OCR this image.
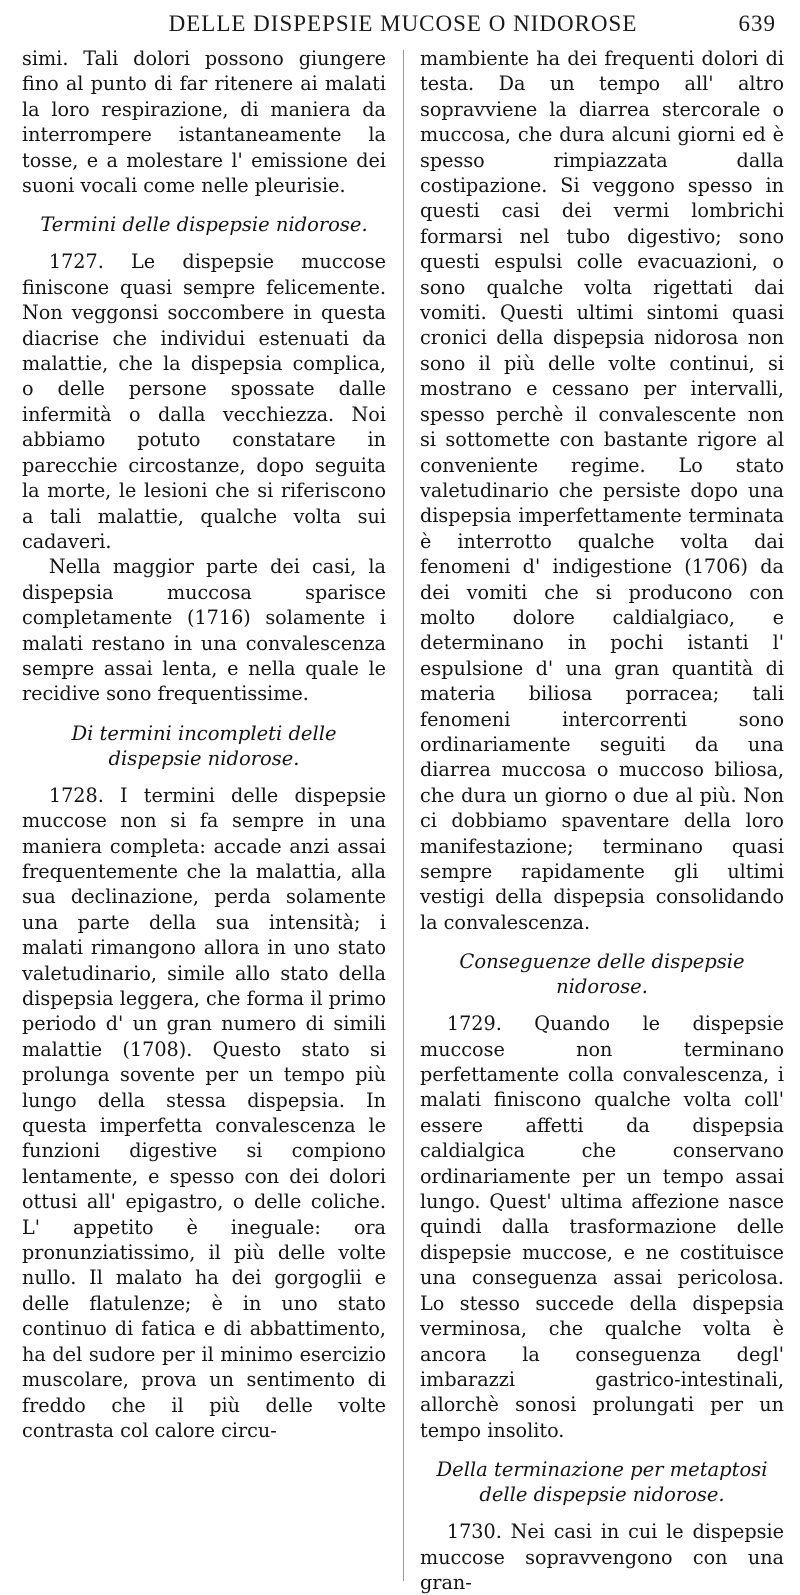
DELLE DISPEPSIE MUCOSE O NIDOROSE	639

simi. Tali dolori possono giungere fino al punto di far ritenere ai malati la loro respirazione, di maniera da interrompere istantaneamente la tosse, e a molestare l' emissione dei suoni vocali come nelle pleurisie.

Termini delle dispepsie nidorose.

1727. Le dispepsie muccose finiscone quasi sempre felicemente. Non veggonsi soccombere in questa diacrise che individui estenuati da malattie, che la dispepsia complica, o delle persone spossate dalle infermità o dalla vecchiezza. Noi abbiamo potuto constatare in parecchie circostanze, dopo seguita la morte, le lesioni che si riferiscono a tali malattie, qualche volta sui cadaveri.

Nella maggior parte dei casi, la dispepsia muccosa sparisce completamente (1716) solamente i malati restano in una convalescenza sempre assai lenta, e nella quale le recidive sono frequentissime.

Di termini incompleti delle dispepsie nidorose.

1728. I termini delle dispepsie muccose non si fa sempre in una maniera completa: accade anzi assai frequentemente che la malattia, alla sua declinazione, perda solamente una parte della sua intensità; i malati rimangono allora in uno stato valetudinario, simile allo stato della dispepsia leggera, che forma il primo periodo d' un gran numero di simili malattie (1708). Questo stato si prolunga sovente per un tempo più lungo della stessa dispepsia. In questa imperfetta convalescenza le funzioni digestive si compiono lentamente, e spesso con dei dolori ottusi all' epigastro, o delle coliche. L' appetito è ineguale: ora pronunziatissimo, il più delle volte nullo. Il malato ha dei gorgoglii e delle flatulenze; è in uno stato continuo di fatica e di abbattimento, ha del sudore per il minimo esercizio muscolare, prova un sentimento di freddo che il più delle volte contrasta col calore circu-

mambiente ha dei frequenti dolori di testa. Da un tempo all' altro sopravviene la diarrea stercorale o muccosa, che dura alcuni giorni ed è spesso rimpiazzata dalla costipazione. Si veggono spesso in questi casi dei vermi lombrichi formarsi nel tubo digestivo; sono questi espulsi colle evacuazioni, o sono qualche volta rigettati dai vomiti. Questi ultimi sintomi quasi cronici della dispepsia nidorosa non sono il più delle volte continui, si mostrano e cessano per intervalli, spesso perchè il convalescente non si sottomette con bastante rigore al conveniente regime. Lo stato valetudinario che persiste dopo una dispepsia imperfettamente terminata è interrotto qualche volta dai fenomeni d' indigestione (1706) da dei vomiti che si producono con molto dolore caldialgiaco, e determinano in pochi istanti l' espulsione d' una gran quantità di materia biliosa porracea; tali fenomeni intercorrenti sono ordinariamente seguiti da una diarrea muccosa o muccoso biliosa, che dura un giorno o due al più. Non ci dobbiamo spaventare della loro manifestazione; terminano quasi sempre rapidamente gli ultimi vestigi della dispepsia consolidando la convalescenza.

Conseguenze delle dispepsie nidorose.

1729. Quando le dispepsie muccose non terminano perfettamente colla convalescenza, i malati finiscono qualche volta coll' essere affetti da dispepsia caldialgica che conservano ordinariamente per un tempo assai lungo. Quest' ultima affezione nasce quindi dalla trasformazione delle dispepsie muccose, e ne costituisce una conseguenza assai pericolosa. Lo stesso succede della dispepsia verminosa, che qualche volta è ancora la conseguenza degl' imbarazzi gastrico-intestinali, allorchè sonosi prolungati per un tempo insolito.

Della terminazione per metaptosi delle dispepsie nidorose.

1730. Nei casi in cui le dispepsie muccose sopravvengono con una gran-
